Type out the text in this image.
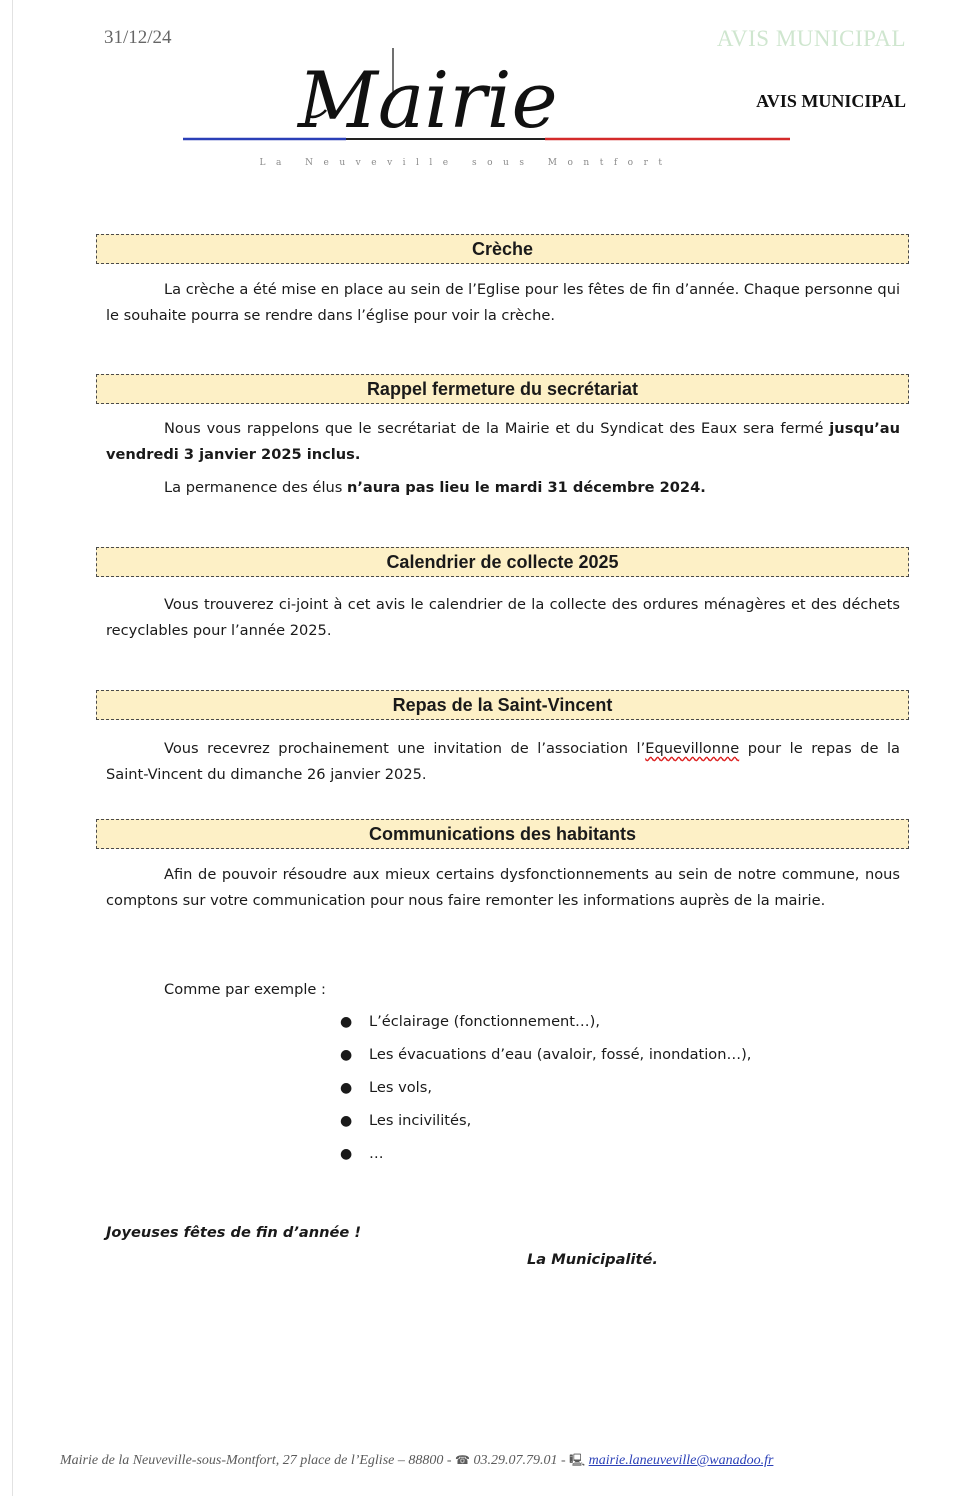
31/12/24	AVIS MUNICIPAL
AVIS MUNICIPAL
Mairie
La Neuveville sous Montfort
Crèche

La crèche a été mise en place au sein de l’Eglise pour les fêtes de fin d’année. Chaque personne qui le souhaite pourra se rendre dans l’église pour voir la crèche.

Rappel fermeture du secrétariat

Nous vous rappelons que le secrétariat de la Mairie et du Syndicat des Eaux sera fermé jusqu’au vendredi 3 janvier 2025 inclus.

La permanence des élus n’aura pas lieu le mardi 31 décembre 2024.

Calendrier de collecte 2025

Vous trouverez ci-joint à cet avis le calendrier de la collecte des ordures ménagères et des déchets recyclables pour l’année 2025.

Repas de la Saint-Vincent

Vous recevrez prochainement une invitation de l’association l’Equevillonne pour le repas de la Saint-Vincent du dimanche 26 janvier 2025.

Communications des habitants

Afin de pouvoir résoudre aux mieux certains dysfonctionnements au sein de notre commune, nous comptons sur votre communication pour nous faire remonter les informations auprès de la mairie.

Comme par exemple :
● L’éclairage (fonctionnement…),
● Les évacuations d’eau (avaloir, fossé, inondation…),
● Les vols,
● Les incivilités,
● …
Joyeuses fêtes de fin d’année !
La Municipalité.
Mairie de la Neuveville-sous-Montfort, 27 place de l’Eglise – 88800 - ☎ 03.29.07.79.01 - 🖳 mairie.laneuveville@wanadoo.fr
